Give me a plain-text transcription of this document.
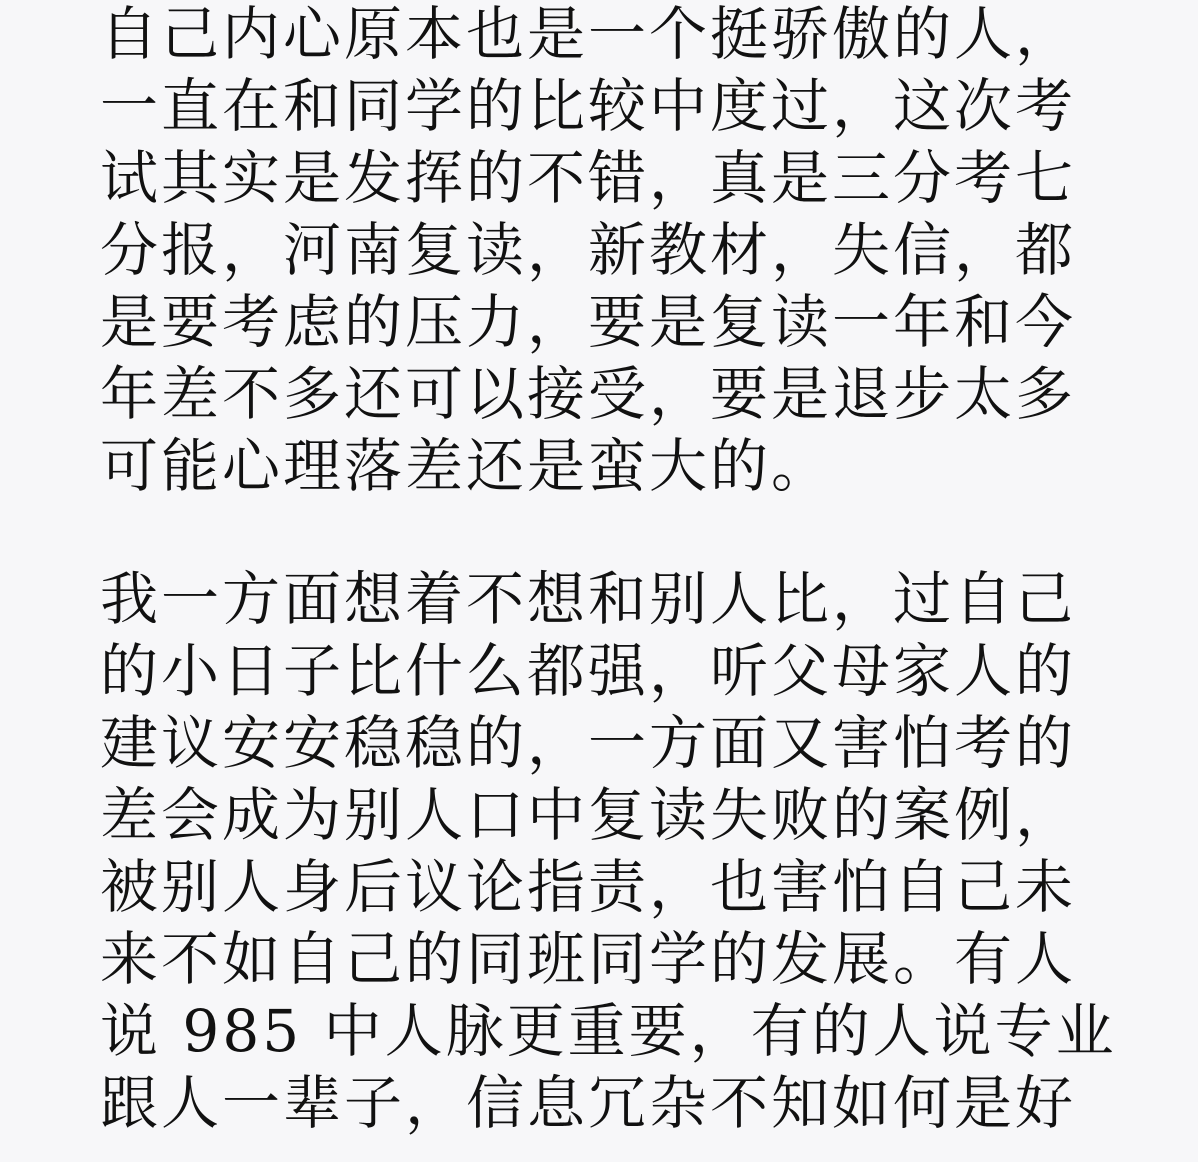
自己内心原本也是一个挺骄傲的人，
一直在和同学的比较中度过，这次考
试其实是发挥的不错，真是三分考七
分报，河南复读，新教材，失信，都
是要考虑的压力，要是复读一年和今
年差不多还可以接受，要是退步太多
可能心理落差还是蛮大的。
我一方面想着不想和别人比，过自己
的小日子比什么都强，听父母家人的
建议安安稳稳的，一方面又害怕考的
差会成为别人口中复读失败的案例，
被别人身后议论指责，也害怕自己未
来不如自己的同班同学的发展。有人
说 985 中人脉更重要，有的人说专业
跟人一辈子，信息冗杂不知如何是好
